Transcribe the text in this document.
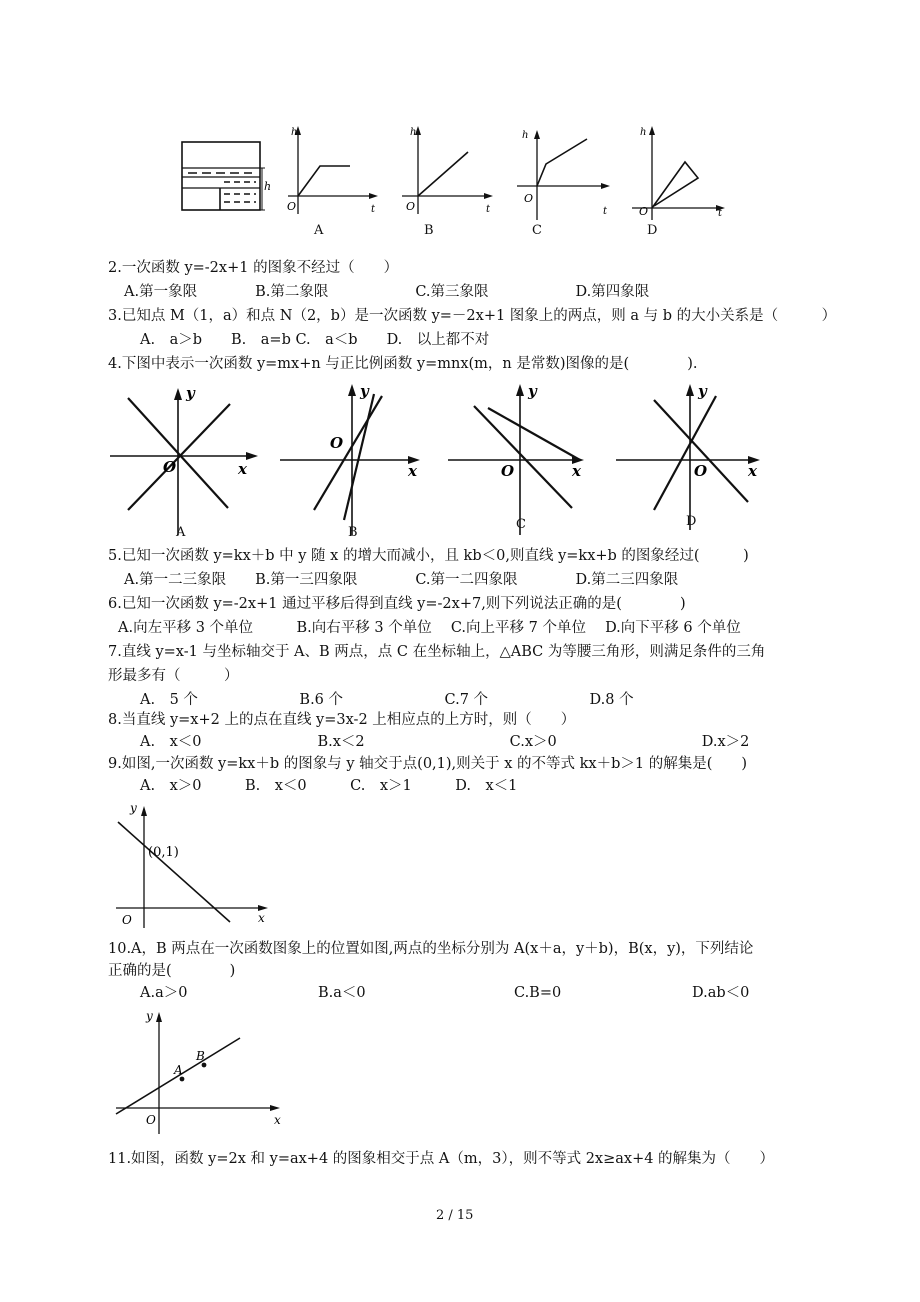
h
h
t
O
h
t
O
h
t
O
h
t
O
A	B	C	D
2.一次函数 y=-2x+1 的图象不经过（　　）
A.第一象限　　　　B.第二象限　　　　　　C.第三象限　　　　　　D.第四象限
3.已知点 M（1，a）和点 N（2，b）是一次函数 y=－2x+1 图象上的两点，则 a 与 b 的大小关系是（　　　）
A.　a＞b　　B.　a=b C.　a＜b　　D.　以上都不对
4.下图中表示一次函数 y=mx+n 与正比例函数 y=mnx(m，n 是常数)图像的是(　　　　).
y
x
O
y
x
O
y
x
O
y
x
O
A	B
C	D
5.已知一次函数 y=kx＋b 中 y 随 x 的增大而减小，且 kb＜0,则直线 y=kx+b 的图象经过(　　　)
A.第一二三象限　　B.第一三四象限　　　　C.第一二四象限　　　　D.第二三四象限
6.已知一次函数 y=-2x+1 通过平移后得到直线 y=-2x+7,则下列说法正确的是(　　　　)
A.向左平移 3 个单位　　　B.向右平移 3 个单位　 C.向上平移 7 个单位　 D.向下平移 6 个单位
7.直线 y=x-1 与坐标轴交于 A、B 两点，点 C 在坐标轴上，△ABC 为等腰三角形，则满足条件的三角
形最多有（　　　）
A.　5 个　　　　　　　B.6 个　　　　　　　C.7 个　　　　　　　D.8 个
8.当直线 y=x+2 上的点在直线 y=3x-2 上相应点的上方时，则（　　）
A.　x＜0　　　　　　　　B.x＜2　　　　　　　　　　C.x＞0　　　　　　　　　　D.x＞2
9.如图,一次函数 y=kx＋b 的图象与 y 轴交于点(0,1),则关于 x 的不等式 kx＋b＞1 的解集是(　　)
A.　x＞0　　　B.　x＜0　　　C.　x＞1　　　D.　x＜1
y
x
O
(0,1)
10.A，B 两点在一次函数图象上的位置如图,两点的坐标分别为 A(x＋a，y＋b)，B(x，y)，下列结论
正确的是(　　　　)
A.a＞0	B.a＜0	C.B=0	D.ab＜0
y
x
O
A
B
11.如图，函数 y=2x 和 y=ax+4 的图象相交于点 A（m，3），则不等式 2x≥ax+4 的解集为（　　）
2 / 15
